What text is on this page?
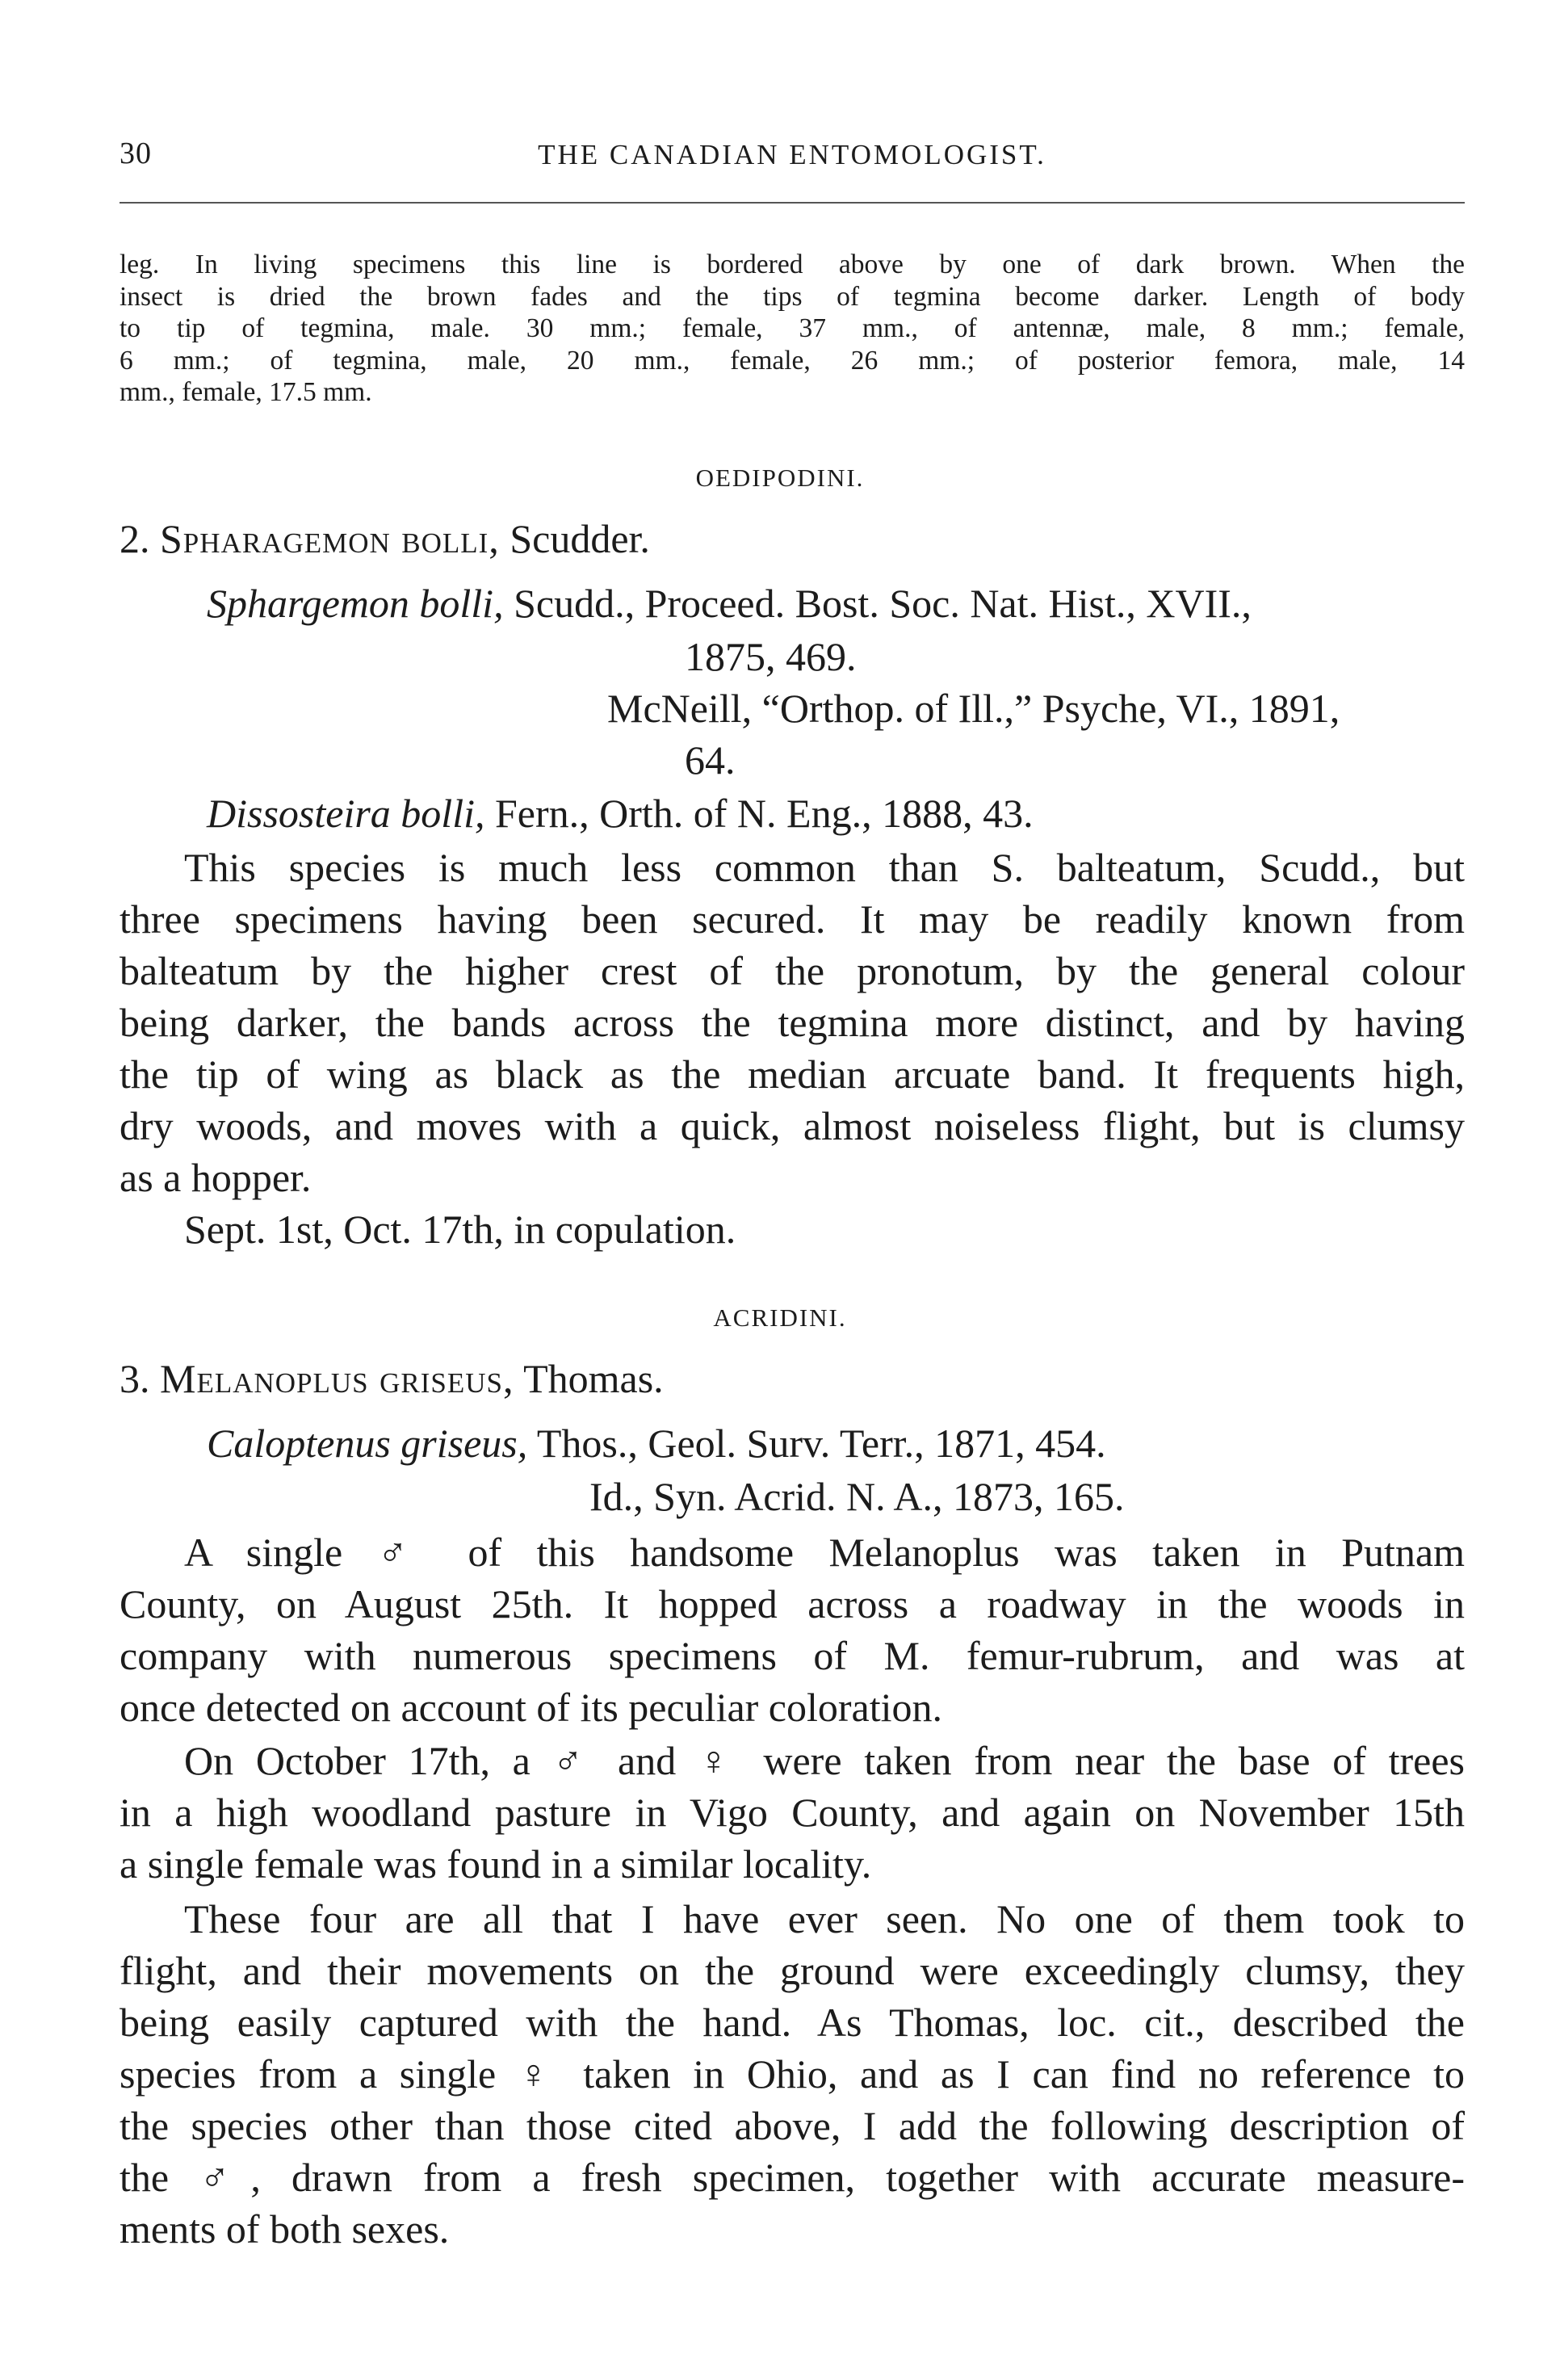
30	THE CANADIAN ENTOMOLOGIST.
leg. In living specimens this line is bordered above by one of dark brown. When the
insect is dried the brown fades and the tips of tegmina become darker. Length of body
to tip of tegmina, male. 30 mm.; female, 37 mm., of antennæ, male, 8 mm.; female,
6 mm.; of tegmina, male, 20 mm., female, 26 mm.; of posterior femora, male, 14
mm., female, 17.5 mm.
OEDIPODINI.
2. Spharagemon bolli, Scudder.
Sphargemon bolli, Scudd., Proceed. Bost. Soc. Nat. Hist., XVII.,
1875, 469.
McNeill, “Orthop. of Ill.,” Psyche, VI., 1891,
64.
Dissosteira bolli, Fern., Orth. of N. Eng., 1888, 43.
This species is much less common than S. balteatum, Scudd., but
three specimens having been secured. It may be readily known from
balteatum by the higher crest of the pronotum, by the general colour
being darker, the bands across the tegmina more distinct, and by having
the tip of wing as black as the median arcuate band. It frequents high,
dry woods, and moves with a quick, almost noiseless flight, but is clumsy
as a hopper.
Sept. 1st, Oct. 17th, in copulation.
ACRIDINI.
3. Melanoplus griseus, Thomas.
Caloptenus griseus, Thos., Geol. Surv. Terr., 1871, 454.
Id., Syn. Acrid. N. A., 1873, 165.
A single ♂ of this handsome Melanoplus was taken in Putnam
County, on August 25th. It hopped across a roadway in the woods in
company with numerous specimens of M. femur-rubrum, and was at
once detected on account of its peculiar coloration.
On October 17th, a ♂ and ♀ were taken from near the base of trees
in a high woodland pasture in Vigo County, and again on November 15th
a single female was found in a similar locality.
These four are all that I have ever seen. No one of them took to
flight, and their movements on the ground were exceedingly clumsy, they
being easily captured with the hand. As Thomas, loc. cit., described the
species from a single ♀ taken in Ohio, and as I can find no reference to
the species other than those cited above, I add the following description of
the ♂, drawn from a fresh specimen, together with accurate measure-
ments of both sexes.
